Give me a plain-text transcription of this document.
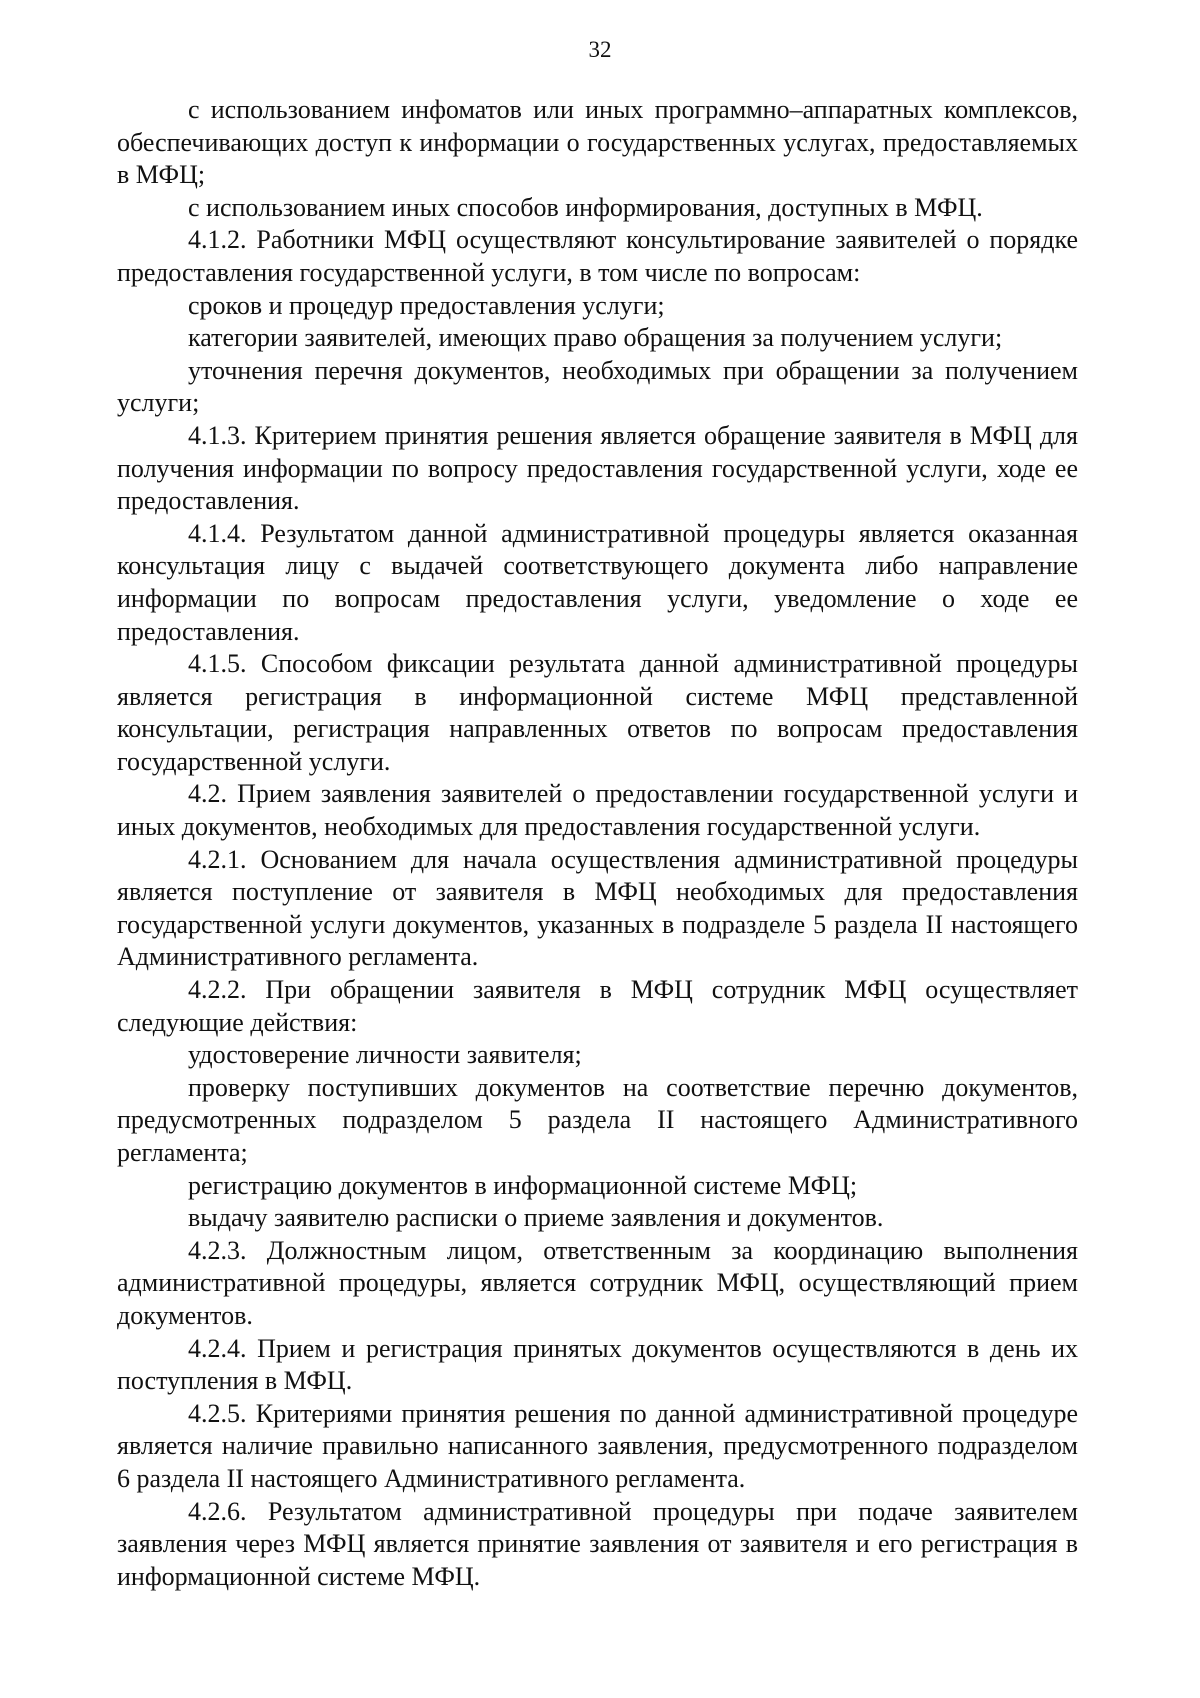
32

с использованием инфоматов или иных программно–аппаратных комплексов, обеспечивающих доступ к информации о государственных услугах, предоставляемых в МФЦ;

с использованием иных способов информирования, доступных в МФЦ.

4.1.2. Работники МФЦ осуществляют консультирование заявителей о порядке предоставления государственной услуги, в том числе по вопросам:

сроков и процедур предоставления услуги;

категории заявителей, имеющих право обращения за получением услуги;

уточнения перечня документов, необходимых при обращении за получением услуги;

4.1.3. Критерием принятия решения является обращение заявителя в МФЦ для получения информации по вопросу предоставления государственной услуги, ходе ее предоставления.

4.1.4. Результатом данной административной процедуры является оказанная консультация лицу с выдачей соответствующего документа либо направление информации по вопросам предоставления услуги, уведомление о ходе ее предоставления.

4.1.5. Способом фиксации результата данной административной процедуры является регистрация в информационной системе МФЦ представленной консультации, регистрация направленных ответов по вопросам предоставления государственной услуги.

4.2. Прием заявления заявителей о предоставлении государственной услуги и иных документов, необходимых для предоставления государственной услуги.

4.2.1. Основанием для начала осуществления административной процедуры является поступление от заявителя в МФЦ необходимых для предоставления государственной услуги документов, указанных в подразделе 5 раздела II настоящего Административного регламента.

4.2.2. При обращении заявителя в МФЦ сотрудник МФЦ осуществляет следующие действия:

удостоверение личности заявителя;

проверку поступивших документов на соответствие перечню документов, предусмотренных подразделом 5 раздела II настоящего Административного регламента;

регистрацию документов в информационной системе МФЦ;

выдачу заявителю расписки о приеме заявления и документов.

4.2.3. Должностным лицом, ответственным за координацию выполнения административной процедуры, является сотрудник МФЦ, осуществляющий прием документов.

4.2.4. Прием и регистрация принятых документов осуществляются в день их поступления в МФЦ.

4.2.5. Критериями принятия решения по данной административной процедуре является наличие правильно написанного заявления, предусмотренного подразделом 6 раздела II настоящего Административного регламента.

4.2.6. Результатом административной процедуры при подаче заявителем заявления через МФЦ является принятие заявления от заявителя и его регистрация в информационной системе МФЦ.
